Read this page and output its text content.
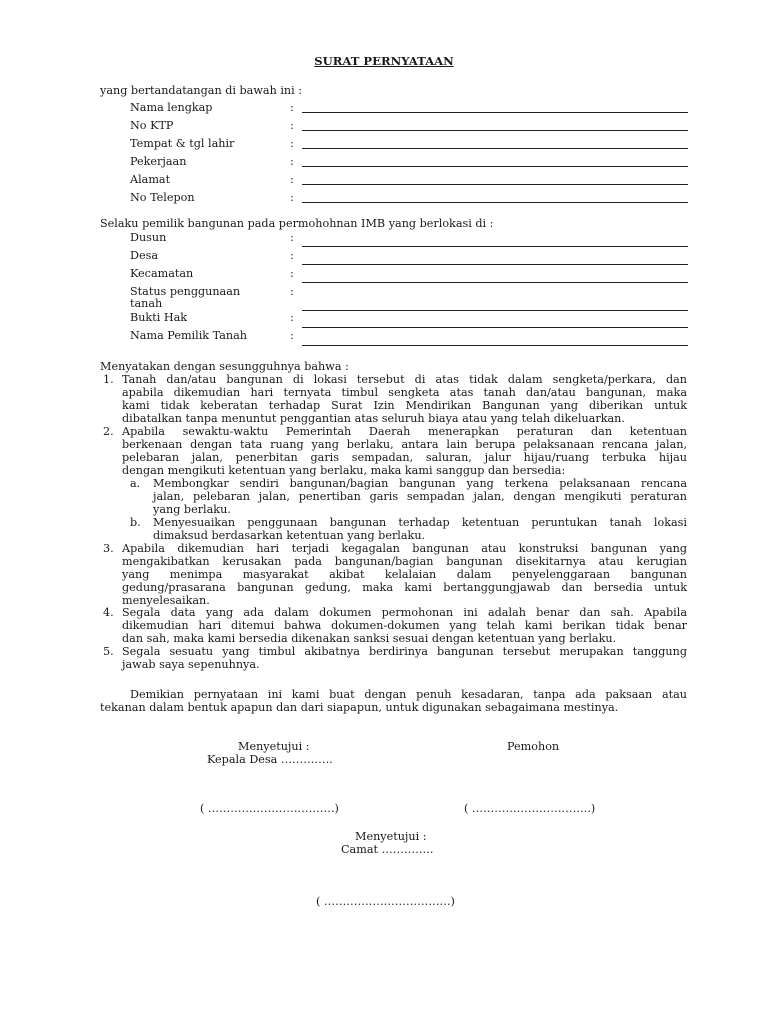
SURAT PERNYATAAN
yang bertandatangan di bawah ini :
Nama lengkap	:
No KTP	:
Tempat & tgl lahir	:
Pekerjaan	:
Alamat	:
No Telepon	:
Selaku pemilik bangunan pada permohohnan IMB yang berlokasi di :
Dusun	:
Desa	:
Kecamatan	:
Status penggunaan
tanah
:
Bukti Hak	:
Nama Pemilik Tanah	:
Menyatakan dengan sesungguhnya bahwa :
1. Tanah dan/atau bangunan di lokasi tersebut di atas tidak dalam sengketa/perkara, dan
apabila dikemudian hari ternyata timbul sengketa atas tanah dan/atau bangunan, maka
kami tidak keberatan terhadap Surat Izin Mendirikan Bangunan yang diberikan untuk
dibatalkan tanpa menuntut penggantian atas seluruh biaya atau yang telah dikeluarkan.
2. Apabila sewaktu-waktu Pemerintah Daerah menerapkan peraturan dan ketentuan
berkenaan dengan tata ruang yang berlaku, antara lain berupa pelaksanaan rencana jalan,
pelebaran jalan, penerbitan garis sempadan, saluran, jalur hijau/ruang terbuka hijau
dengan mengikuti ketentuan yang berlaku, maka kami sanggup dan bersedia:
a. Membongkar sendiri bangunan/bagian bangunan yang terkena pelaksanaan rencana
jalan, pelebaran jalan, penertiban garis sempadan jalan, dengan mengikuti peraturan
yang berlaku.
b. Menyesuaikan penggunaan bangunan terhadap ketentuan peruntukan tanah lokasi
dimaksud berdasarkan ketentuan yang berlaku.
3. Apabila dikemudian hari terjadi kegagalan bangunan atau konstruksi bangunan yang
mengakibatkan kerusakan pada bangunan/bagian bangunan disekitarnya atau kerugian
yang menimpa masyarakat akibat kelalaian dalam penyelenggaraan bangunan
gedung/prasarana bangunan gedung, maka kami bertanggungjawab dan bersedia untuk
menyelesaikan.
4. Segala data yang ada dalam dokumen permohonan ini adalah benar dan sah. Apabila
dikemudian hari ditemui bahwa dokumen-dokumen yang telah kami berikan tidak benar
dan sah, maka kami bersedia dikenakan sanksi sesuai dengan ketentuan yang berlaku.
5. Segala sesuatu yang timbul akibatnya berdirinya bangunan tersebut merupakan tanggung
jawab saya sepenuhnya.
Demikian pernyataan ini kami buat dengan penuh kesadaran, tanpa ada paksaan atau
tekanan dalam bentuk apapun dan dari siapapun, untuk digunakan sebagaimana mestinya.
Menyetujui :	Pemohon
Kepala Desa …………..
( …………………………….)	( …………………………..)
Menyetujui :
Camat …………..
( …………………………….)
